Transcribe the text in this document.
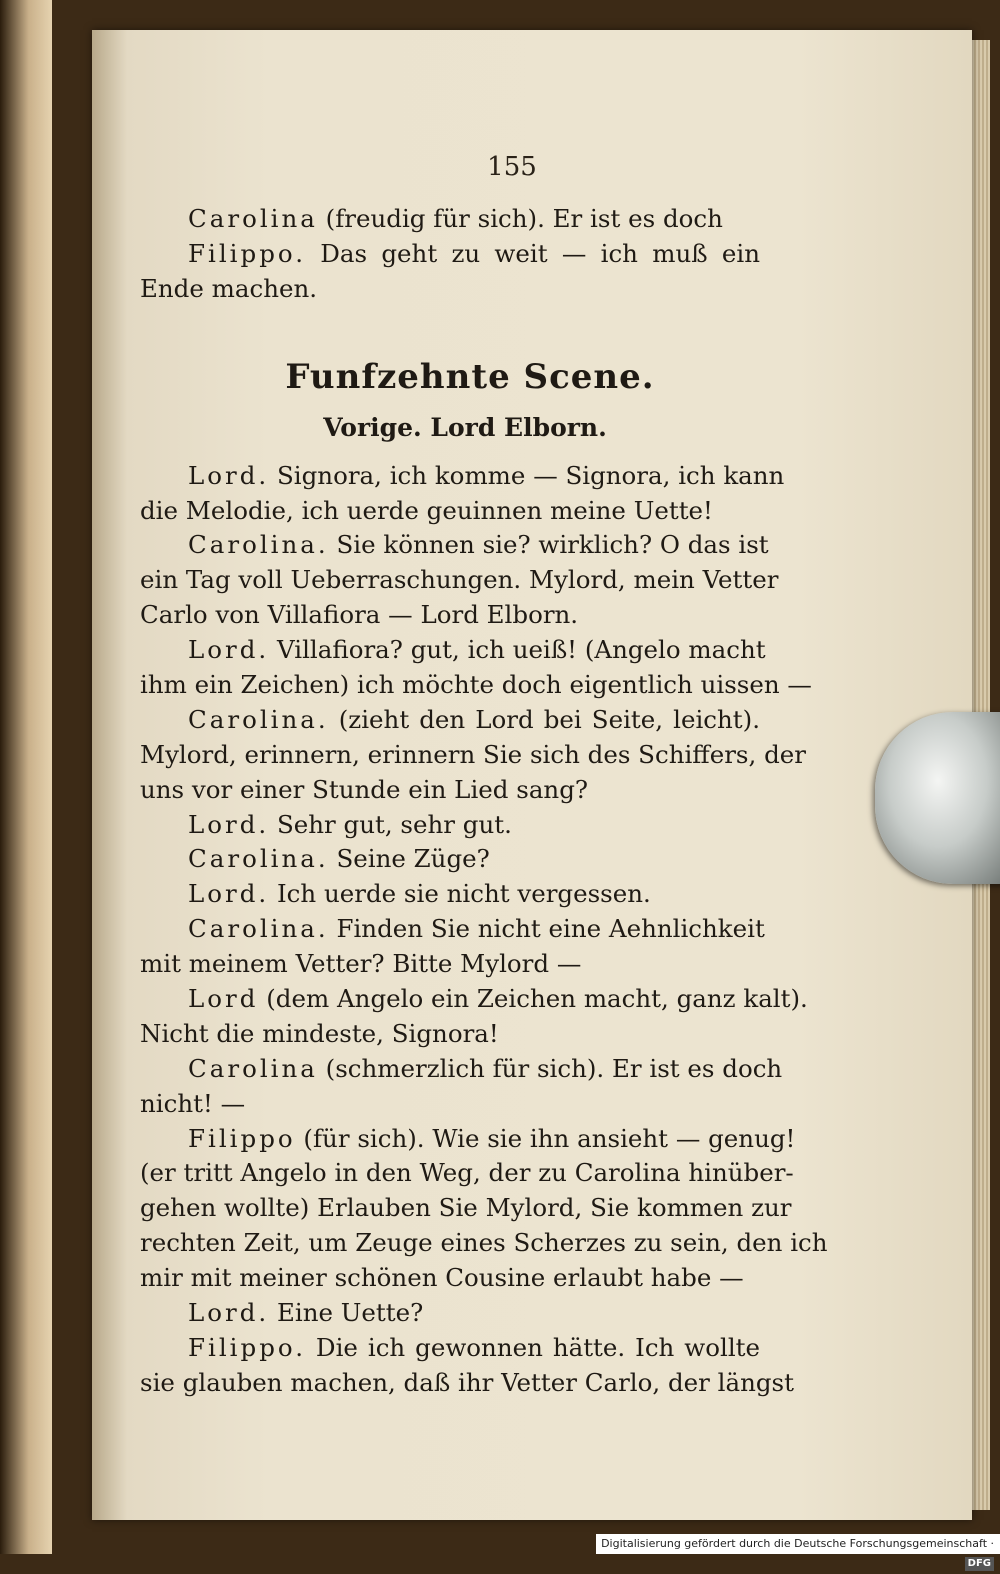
155
Carolina (freudig für sich). Er ist es doch
Filippo. Das geht zu weit — ich muß ein
Ende machen.
Funfzehnte Scene.
Vorige. Lord Elborn.
Lord. Signora, ich komme — Signora, ich kann
die Melodie, ich uerde geuinnen meine Uette!
Carolina. Sie können sie? wirklich? O das ist
ein Tag voll Ueberraschungen. Mylord, mein Vetter
Carlo von Villafiora — Lord Elborn.
Lord. Villafiora? gut, ich ueiß! (Angelo macht
ihm ein Zeichen) ich möchte doch eigentlich uissen —
Carolina. (zieht den Lord bei Seite, leicht).
Mylord, erinnern, erinnern Sie sich des Schiffers, der
uns vor einer Stunde ein Lied sang?
Lord. Sehr gut, sehr gut.
Carolina. Seine Züge?
Lord. Ich uerde sie nicht vergessen.
Carolina. Finden Sie nicht eine Aehnlichkeit
mit meinem Vetter? Bitte Mylord —
Lord (dem Angelo ein Zeichen macht, ganz kalt).
Nicht die mindeste, Signora!
Carolina (schmerzlich für sich). Er ist es doch
nicht! —
Filippo (für sich). Wie sie ihn ansieht — genug!
(er tritt Angelo in den Weg, der zu Carolina hinüber-
gehen wollte) Erlauben Sie Mylord, Sie kommen zur
rechten Zeit, um Zeuge eines Scherzes zu sein, den ich
mir mit meiner schönen Cousine erlaubt habe —
Lord. Eine Uette?
Filippo. Die ich gewonnen hätte. Ich wollte
sie glauben machen, daß ihr Vetter Carlo, der längst
Digitalisierung gefördert durch die Deutsche Forschungsgemeinschaft ·DFG
